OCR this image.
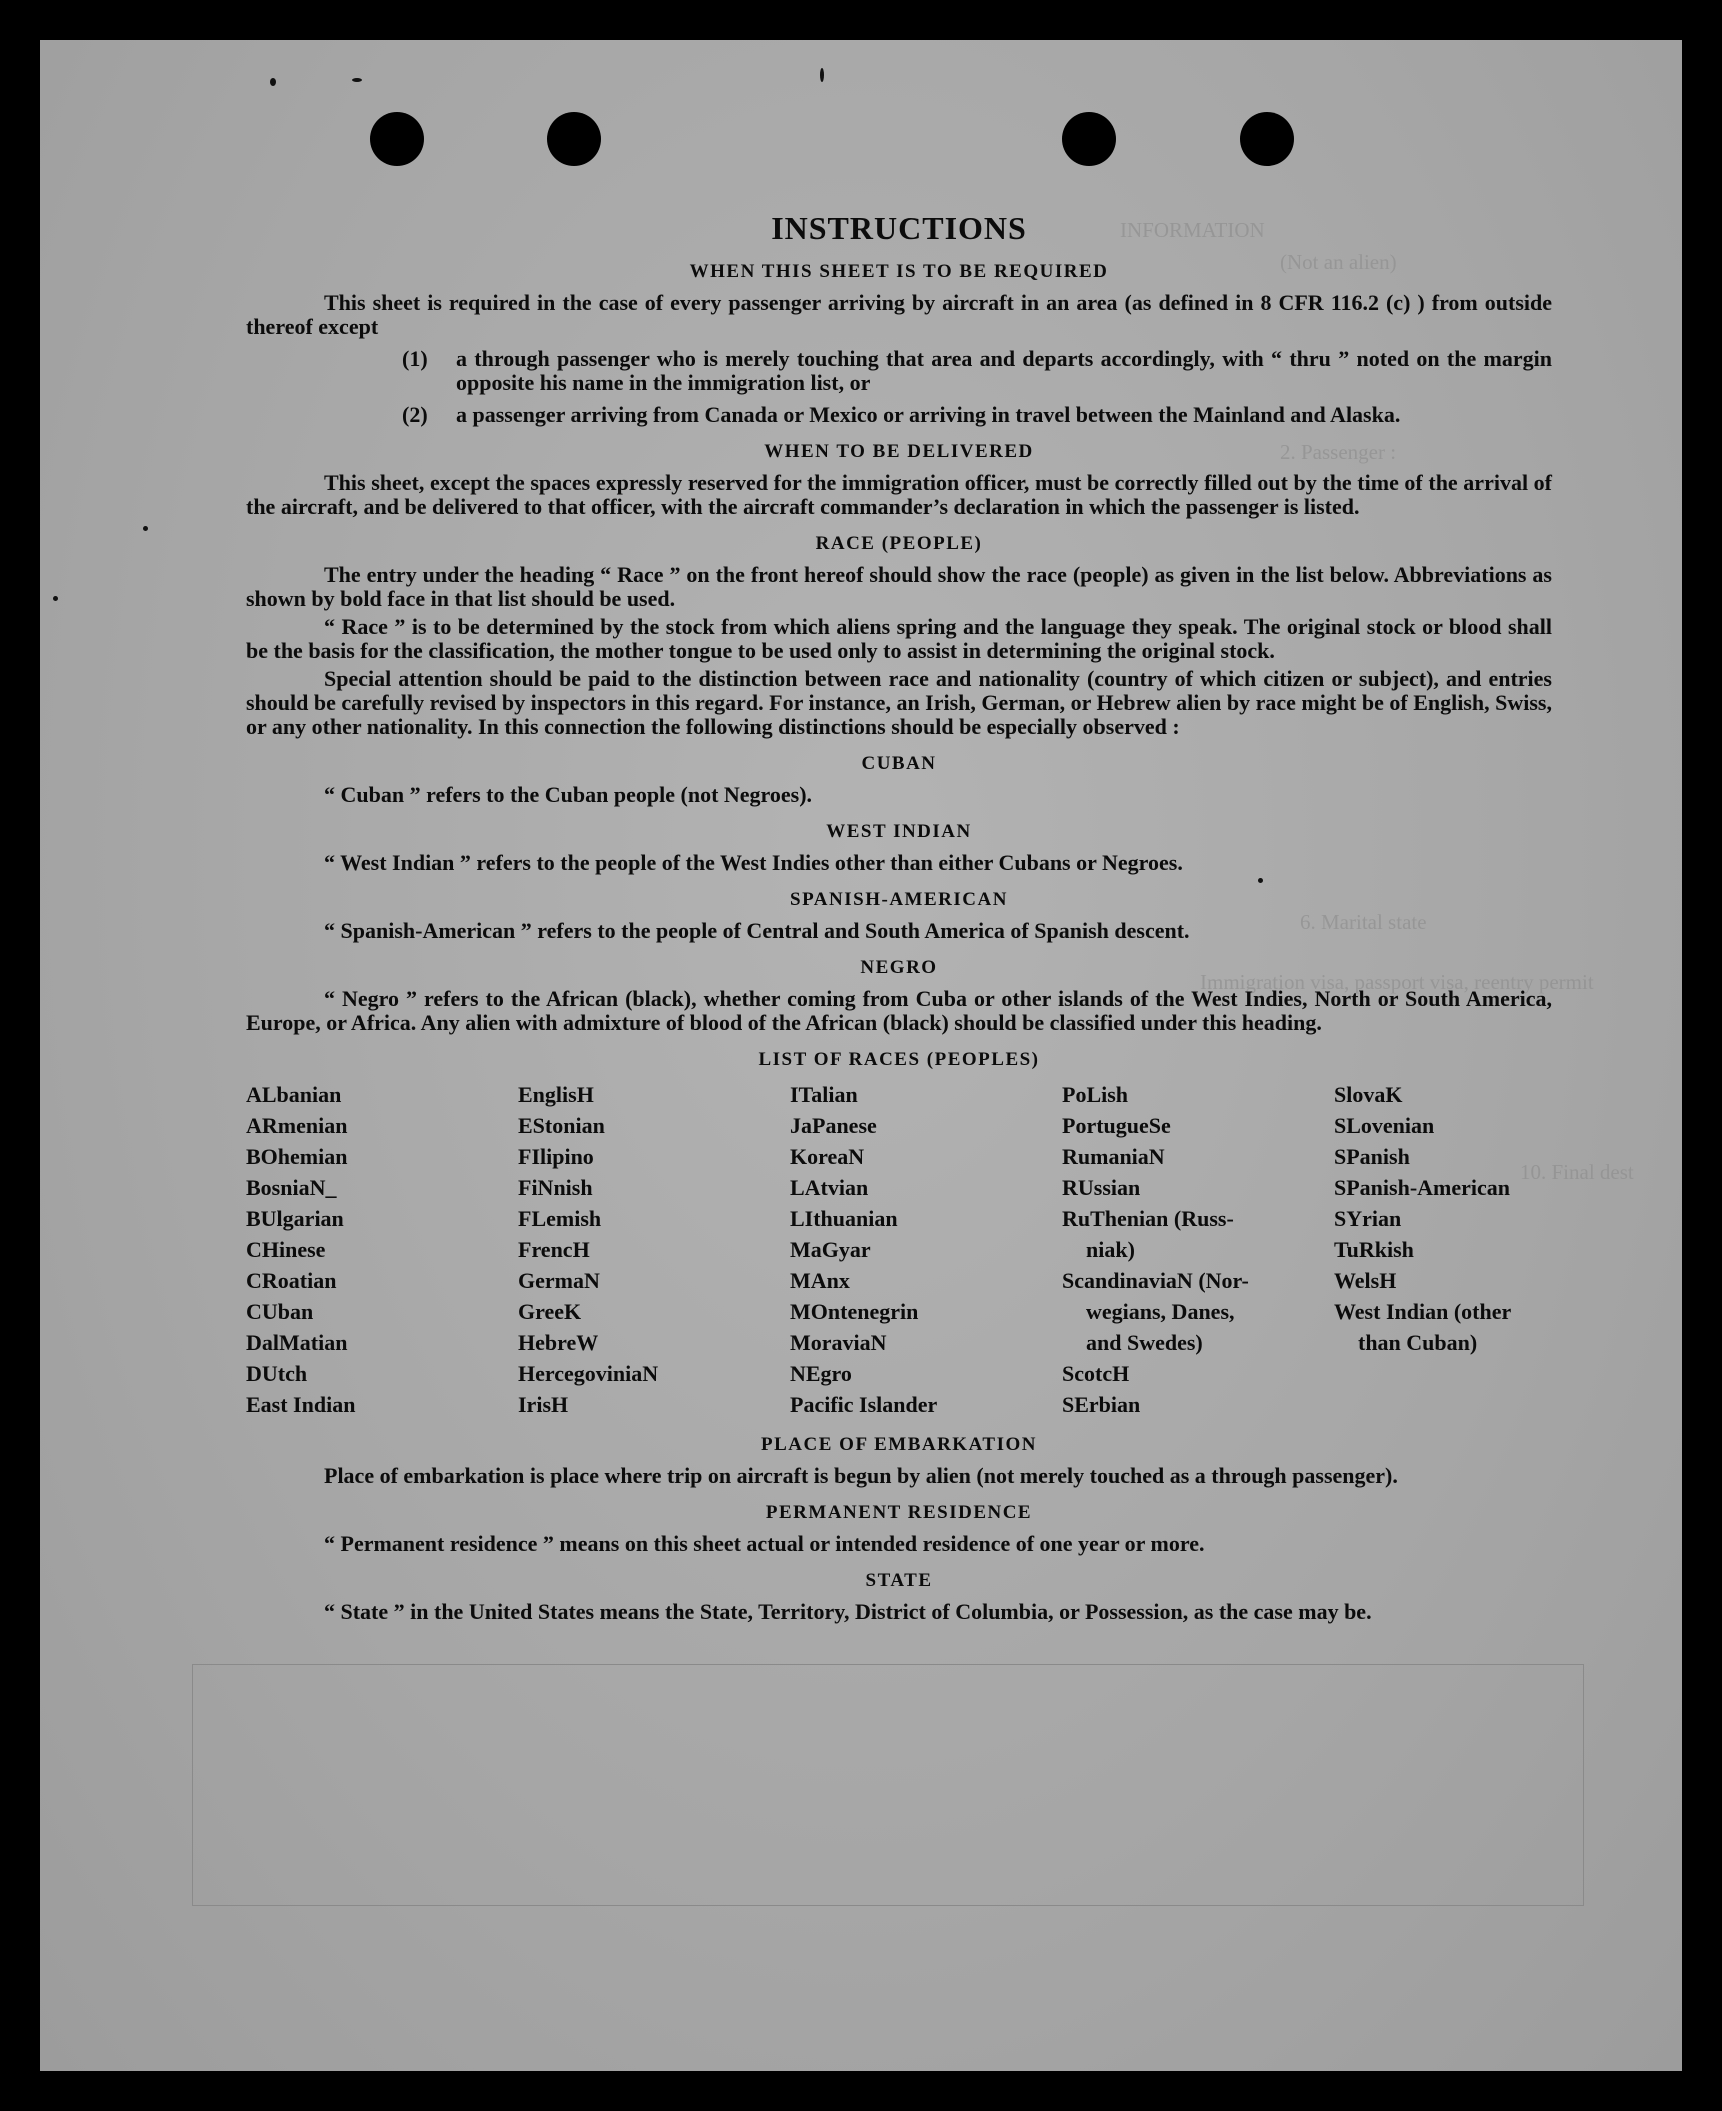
INFORMATION
(Not an alien)
2. Passenger :
6. Marital state
Immigration visa, passport visa, reentry permit
10. Final dest
INSTRUCTIONS
WHEN THIS SHEET IS TO BE REQUIRED

This sheet is required in the case of every passenger arriving by aircraft in an area (as defined in 8 CFR 116.2 (c) ) from outside thereof except

(1)	a through passenger who is merely touching that area and departs accordingly, with “ thru ” noted on the margin opposite his name in the immigration list, or
(2)	a passenger arriving from Canada or Mexico or arriving in travel between the Mainland and Alaska.
WHEN TO BE DELIVERED

This sheet, except the spaces expressly reserved for the immigration officer, must be correctly filled out by the time of the arrival of the aircraft, and be delivered to that officer, with the aircraft commander’s declaration in which the passenger is listed.

RACE (PEOPLE)

The entry under the heading “ Race ” on the front hereof should show the race (people) as given in the list below. Abbreviations as shown by bold face in that list should be used.

“ Race ” is to be determined by the stock from which aliens spring and the language they speak. The original stock or blood shall be the basis for the classification, the mother tongue to be used only to assist in determining the original stock.

Special attention should be paid to the distinction between race and nationality (country of which citizen or subject), and entries should be carefully revised by inspectors in this regard. For instance, an Irish, German, or Hebrew alien by race might be of English, Swiss, or any other nationality. In this connection the following distinctions should be especially observed :

CUBAN

“ Cuban ” refers to the Cuban people (not Negroes).

WEST INDIAN

“ West Indian ” refers to the people of the West Indies other than either Cubans or Negroes.

SPANISH-AMERICAN

“ Spanish-American ” refers to the people of Central and South America of Spanish descent.

NEGRO

“ Negro ” refers to the African (black), whether coming from Cuba or other islands of the West Indies, North or South America, Europe, or Africa. Any alien with admixture of blood of the African (black) should be classified under this heading.

LIST OF RACES (PEOPLES)
ALbanian
ARmenian
BOhemian
BosniaN_
BUlgarian
CHinese
CRoatian
CUban
DalMatian
DUtch
East Indian
EnglisH
EStonian
FIlipino
FiNnish
FLemish
FrencH
GermaN
GreeK
HebreW
HercegoviniaN
IrisH
ITalian
JaPanese
KoreaN
LAtvian
LIthuanian
MaGyar
MAnx
MOntenegrin
MoraviaN
NEgro
Pacific Islander
PoLish
PortugueSe
RumaniaN
RUssian
RuThenian (Russ-
niak)
ScandinaviaN (Nor-
wegians, Danes,
and Swedes)
ScotcH
SErbian
SlovaK
SLovenian
SPanish
SPanish-American
SYrian
TuRkish
WelsH
West Indian (other
than Cuban)
PLACE OF EMBARKATION

Place of embarkation is place where trip on aircraft is begun by alien (not merely touched as a through passenger).

PERMANENT RESIDENCE

“ Permanent residence ” means on this sheet actual or intended residence of one year or more.

STATE

“ State ” in the United States means the State, Territory, District of Columbia, or Possession, as the case may be.
